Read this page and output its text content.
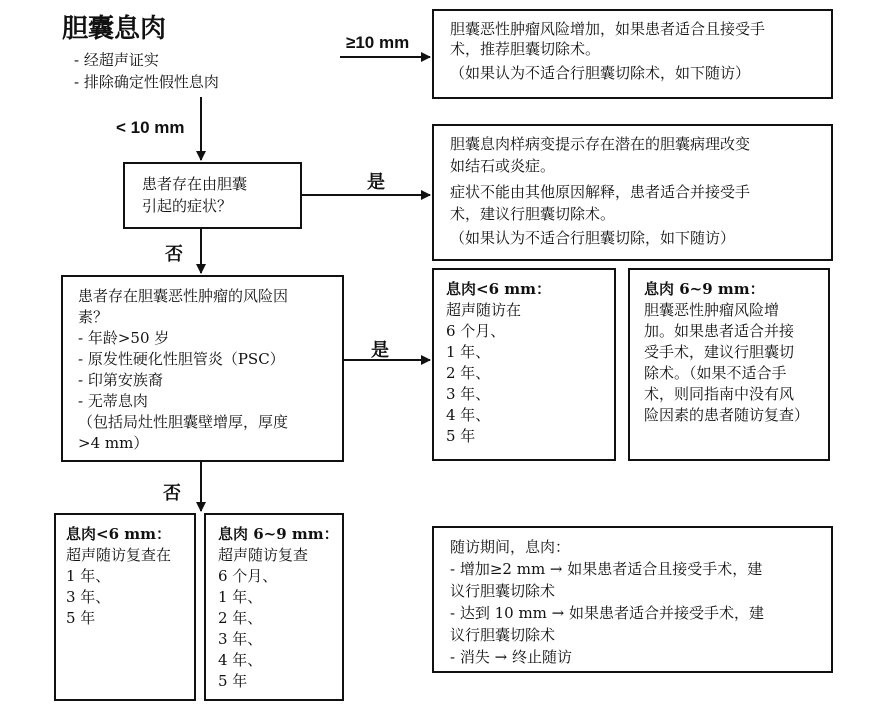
胆囊息肉
- 经超声证实
- 排除确定性假性息肉
≥10 mm
< 10 mm
是
否
是
否
胆囊恶性肿瘤风险增加，如果患者适合且接受手
术，推荐胆囊切除术。
（如果认为不适合行胆囊切除术，如下随访）
患者存在由胆囊
引起的症状？
胆囊息肉样病变提示存在潜在的胆囊病理改变
如结石或炎症。
症状不能由其他原因解释，患者适合并接受手
术，建议行胆囊切除术。
（如果认为不适合行胆囊切除，如下随访）
患者存在胆囊恶性肿瘤的风险因
素？
- 年龄>50 岁
- 原发性硬化性胆管炎（PSC）
- 印第安族裔
- 无蒂息肉
（包括局灶性胆囊壁增厚，厚度
>4 mm）
息肉<6 mm：
超声随访在
6 个月、
1 年、
2 年、
3 年、
4 年、
5 年
息肉 6~9 mm：
胆囊恶性肿瘤风险增
加。如果患者适合并接
受手术，建议行胆囊切
除术。（如果不适合手
术，则同指南中没有风
险因素的患者随访复查）
息肉<6 mm：
超声随访复查在
1 年、
3 年、
5 年
息肉 6~9 mm：
超声随访复查
6 个月、
1 年、
2 年、
3 年、
4 年、
5 年
随访期间，息肉：
- 增加≥2 mm → 如果患者适合且接受手术，建
议行胆囊切除术
- 达到 10 mm → 如果患者适合并接受手术，建
议行胆囊切除术
- 消失 → 终止随访
